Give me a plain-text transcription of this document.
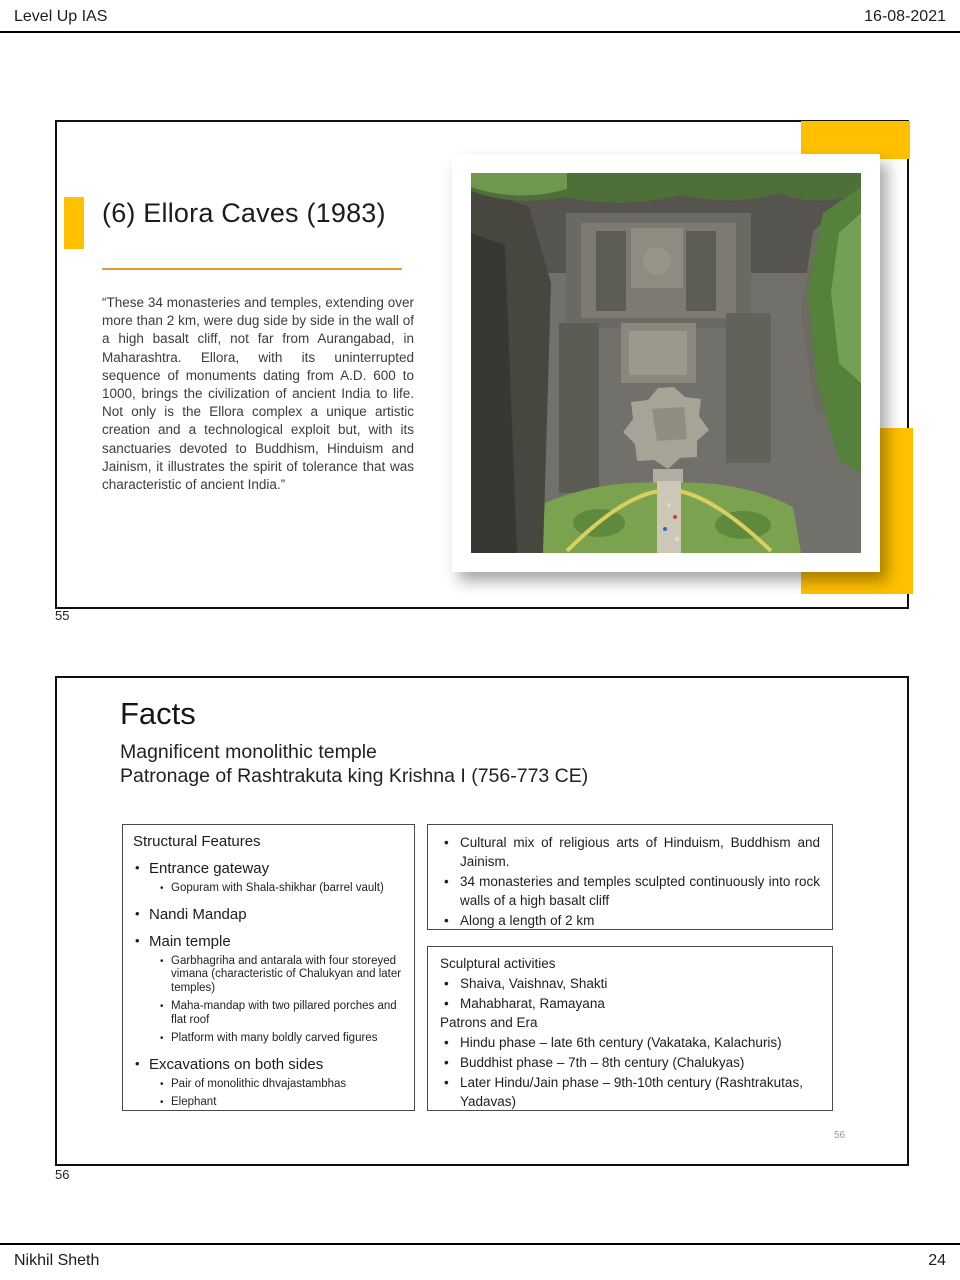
Level Up IAS	16-08-2021
(6) Ellora Caves (1983)

“These 34 monasteries and temples, extending over more than 2 km, were dug side by side in the wall of a high basalt cliff, not far from Aurangabad, in Maharashtra. Ellora, with its uninterrupted sequence of monuments dating from A.D. 600 to 1000, brings the civilization of ancient India to life. Not only is the Ellora complex a unique artistic creation and a technological exploit but, with its sanctuaries devoted to Buddhism, Hinduism and Jainism, it illustrates the spirit of tolerance that was characteristic of ancient India.”

55
Facts
Magnificent monolithic temple
Patronage of Rashtrakuta king Krishna I (756-773 CE)
Structural Features
• Entrance gateway
• Gopuram with Shala-shikhar (barrel vault)
• Nandi Mandap
• Main temple
• Garbhagriha and antarala with four storeyed vimana (characteristic of Chalukyan and later temples)
• Maha-mandap with two pillared porches and flat roof
• Platform with many boldly carved figures
• Excavations on both sides
• Pair of monolithic dhvajastambhas
• Elephant
• Cultural mix of religious arts of Hinduism, Buddhism and Jainism.
• 34 monasteries and temples sculpted continuously into rock walls of a high basalt cliff
• Along a length of 2 km
Sculptural activities
• Shaiva, Vaishnav, Shakti
• Mahabharat, Ramayana
Patrons and Era
• Hindu phase – late 6th century (Vakataka, Kalachuris)
• Buddhist phase – 7th – 8th century (Chalukyas)
• Later Hindu/Jain phase – 9th-10th century (Rashtrakutas, Yadavas)
56
56
Nikhil Sheth	24
